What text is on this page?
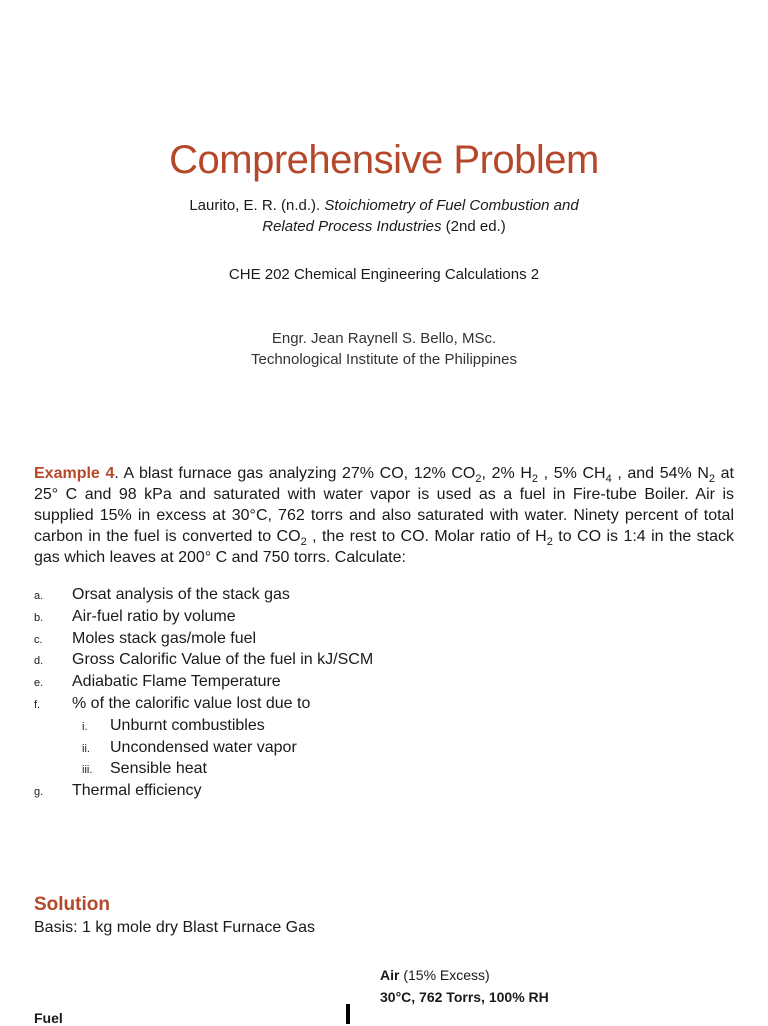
Comprehensive Problem
Laurito, E. R. (n.d.). Stoichiometry of Fuel Combustion and
Related Process Industries (2nd ed.)
CHE 202 Chemical Engineering Calculations 2
Engr. Jean Raynell S. Bello, MSc.
Technological Institute of the Philippines
Example 4. A blast furnace gas analyzing 27% CO, 12% $CO_2$, 2% $H_2$ , 5% $CH_4$ , and 54% $N_2$ at 25° C and 98 kPa and saturated with water vapor is used as a fuel in Fire-tube Boiler. Air is supplied 15% in excess at 30°C, 762 torrs and also saturated with water. Ninety percent of total carbon in the fuel is converted to $CO_2$ , the rest to CO. Molar ratio of $H_2$ to CO is 1:4 in the stack gas which leaves at 200° C and 750 torrs. Calculate:
a.	Orsat analysis of the stack gas
b.	Air-fuel ratio by volume
c.	Moles stack gas/mole fuel
d.	Gross Calorific Value of the fuel in kJ/SCM
e.	Adiabatic Flame Temperature
f.	% of the calorific value lost due to
i.	Unburnt combustibles
ii.	Uncondensed water vapor
iii.	Sensible heat
g.	Thermal efficiency
Solution
Basis: 1 kg mole dry Blast Furnace Gas
Air (15% Excess)
30°C, 762 Torrs, 100% RH
Fuel
